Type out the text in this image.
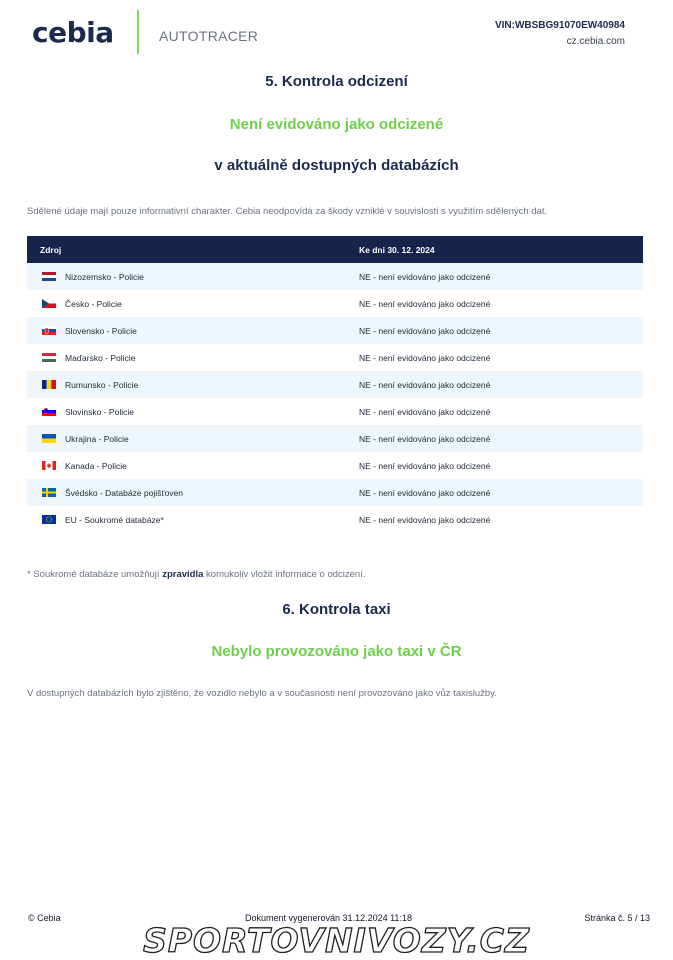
cebia	AUTOTRACER
VIN:WBSBG91070EW40984
cz.cebia.com
5. Kontrola odcizení
Není evidováno jako odcizené
v aktuálně dostupných databázích
Sdělené údaje mají pouze informativní charakter. Cebia neodpovídá za škody vzniklé v souvislosti s využitím sdělených dat.
Zdroj	Ke dni 30. 12. 2024
Nizozemsko - Policie	NE - není evidováno jako odcizené
Česko - Policie	NE - není evidováno jako odcizené
Slovensko - Policie	NE - není evidováno jako odcizené
Maďarsko - Policie	NE - není evidováno jako odcizené
Rumunsko - Policie	NE - není evidováno jako odcizené
Slovinsko - Policie	NE - není evidováno jako odcizené
Ukrajina - Policie	NE - není evidováno jako odcizené
Kanada - Policie	NE - není evidováno jako odcizené
Švédsko - Databáze pojišťoven	NE - není evidováno jako odcizené
EU - Soukromé databáze*	NE - není evidováno jako odcizené
* Soukromé databáze umožňují zpravidla komukoliv vložit informace o odcizení.
6. Kontrola taxi
Nebylo provozováno jako taxi v ČR
V dostupných databázích bylo zjištěno, že vozidlo nebylo a v současnosti není provozováno jako vůz taxislužby.
© Cebia	Dokument vygenerován 31.12.2024 11:18	Stránka č. 5 / 13
SPORTOVNIVOZY.CZ
